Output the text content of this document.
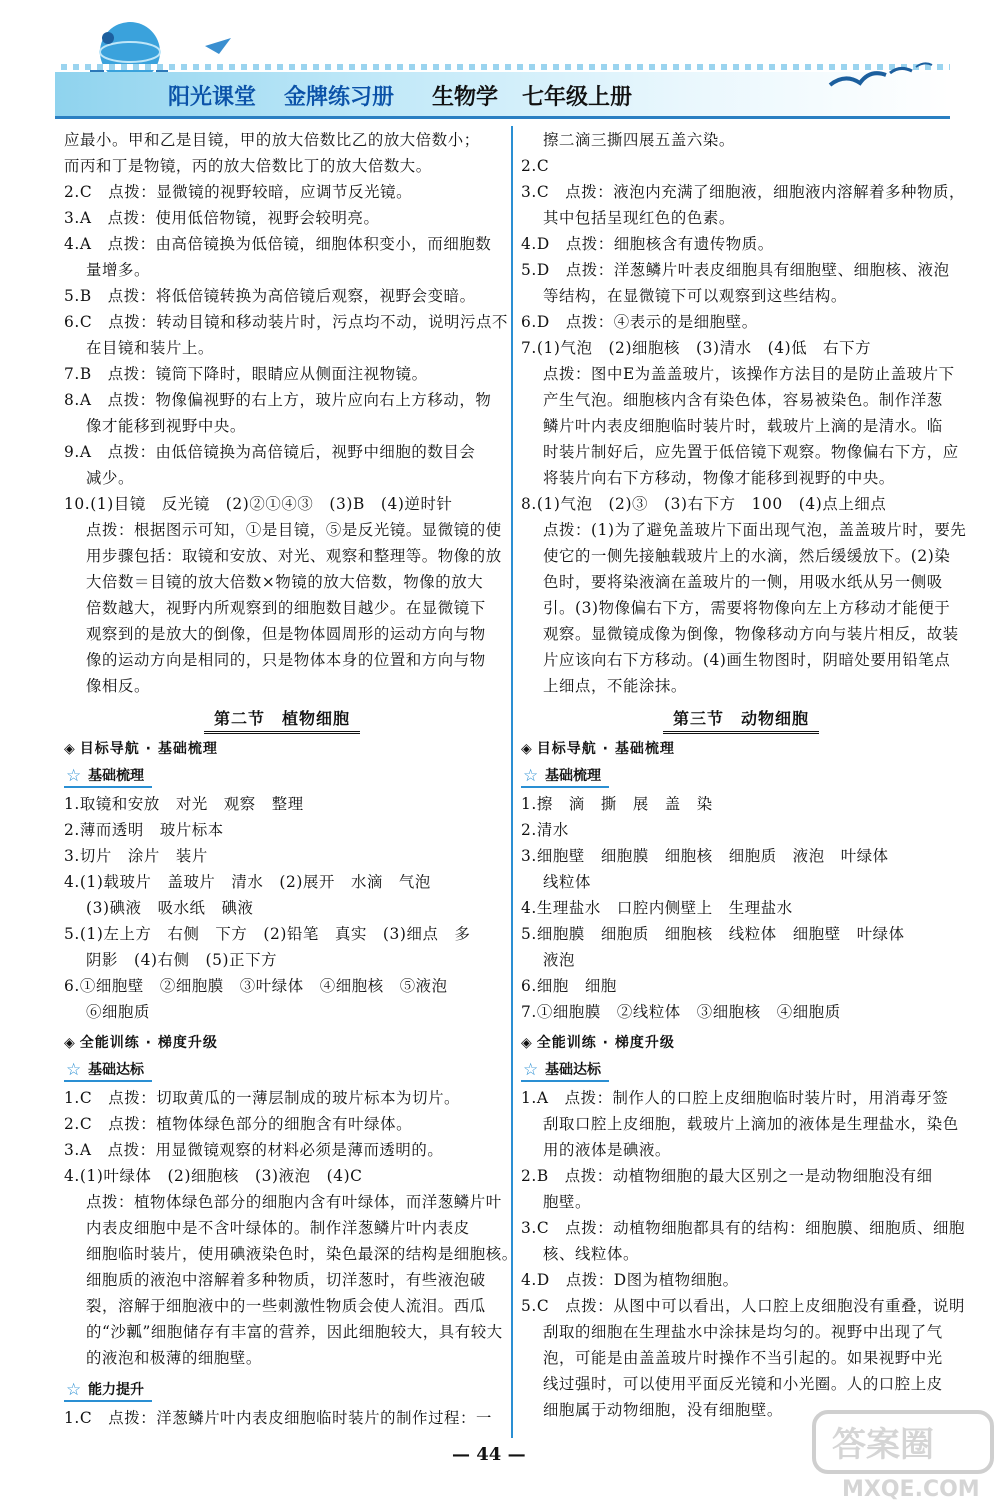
阳光课堂 金牌练习册 生物学 七年级上册
应最小。甲和乙是目镜，甲的放大倍数比乙的放大倍数小；
而丙和丁是物镜，丙的放大倍数比丁的放大倍数大。
2.C　点拨：显微镜的视野较暗，应调节反光镜。
3.A　点拨：使用低倍物镜，视野会较明亮。
4.A　点拨：由高倍镜换为低倍镜，细胞体积变小，而细胞数
量增多。
5.B　点拨：将低倍镜转换为高倍镜后观察，视野会变暗。
6.C　点拨：转动目镜和移动装片时，污点均不动，说明污点不
在目镜和装片上。
7.B　点拨：镜筒下降时，眼睛应从侧面注视物镜。
8.A　点拨：物像偏视野的右上方，玻片应向右上方移动，物
像才能移到视野中央。
9.A　点拨：由低倍镜换为高倍镜后，视野中细胞的数目会
减少。
10.(1)目镜　反光镜　(2)②①④③　(3)B　(4)逆时针
点拨：根据图示可知，①是目镜，⑤是反光镜。显微镜的使
用步骤包括：取镜和安放、对光、观察和整理等。物像的放
大倍数＝目镜的放大倍数×物镜的放大倍数，物像的放大
倍数越大，视野内所观察到的细胞数目越少。在显微镜下
观察到的是放大的倒像，但是物体圆周形的运动方向与物
像的运动方向是相同的，只是物体本身的位置和方向与物
像相反。
第二节　植物细胞
◈ 目标导航 · 基础梳理
☆ 基础梳理
1.取镜和安放　对光　观察　整理
2.薄而透明　玻片标本
3.切片　涂片　装片
4.(1)载玻片　盖玻片　清水　(2)展开　水滴　气泡
(3)碘液　吸水纸　碘液
5.(1)左上方　右侧　下方　(2)铅笔　真实　(3)细点　多
阴影　(4)右侧　(5)正下方
6.①细胞壁　②细胞膜　③叶绿体　④细胞核　⑤液泡
⑥细胞质
◈ 全能训练 · 梯度升级
☆ 基础达标
1.C　点拨：切取黄瓜的一薄层制成的玻片标本为切片。
2.C　点拨：植物体绿色部分的细胞含有叶绿体。
3.A　点拨：用显微镜观察的材料必须是薄而透明的。
4.(1)叶绿体　(2)细胞核　(3)液泡　(4)C
点拨：植物体绿色部分的细胞内含有叶绿体，而洋葱鳞片叶
内表皮细胞中是不含叶绿体的。制作洋葱鳞片叶内表皮
细胞临时装片，使用碘液染色时，染色最深的结构是细胞核。
细胞质的液泡中溶解着多种物质，切洋葱时，有些液泡破
裂，溶解于细胞液中的一些刺激性物质会使人流泪。西瓜
的“沙瓤”细胞储存有丰富的营养，因此细胞较大，具有较大
的液泡和极薄的细胞壁。
☆ 能力提升
1.C　点拨：洋葱鳞片叶内表皮细胞临时装片的制作过程：一
擦二滴三撕四展五盖六染。
2.C
3.C　点拨：液泡内充满了细胞液，细胞液内溶解着多种物质，
其中包括呈现红色的色素。
4.D　点拨：细胞核含有遗传物质。
5.D　点拨：洋葱鳞片叶表皮细胞具有细胞壁、细胞核、液泡
等结构，在显微镜下可以观察到这些结构。
6.D　点拨：④表示的是细胞壁。
7.(1)气泡　(2)细胞核　(3)清水　(4)低　右下方
点拨：图中E为盖盖玻片，该操作方法目的是防止盖玻片下
产生气泡。细胞核内含有染色体，容易被染色。制作洋葱
鳞片叶内表皮细胞临时装片时，载玻片上滴的是清水。临
时装片制好后，应先置于低倍镜下观察。物像偏右下方，应
将装片向右下方移动，物像才能移到视野的中央。
8.(1)气泡　(2)③　(3)右下方　100　(4)点上细点
点拨：(1)为了避免盖玻片下面出现气泡，盖盖玻片时，要先
使它的一侧先接触载玻片上的水滴，然后缓缓放下。(2)染
色时，要将染液滴在盖玻片的一侧，用吸水纸从另一侧吸
引。(3)物像偏右下方，需要将物像向左上方移动才能便于
观察。显微镜成像为倒像，物像移动方向与装片相反，故装
片应该向右下方移动。(4)画生物图时，阴暗处要用铅笔点
上细点，不能涂抹。
第三节　动物细胞
◈ 目标导航 · 基础梳理
☆ 基础梳理
1.擦　滴　撕　展　盖　染
2.清水
3.细胞壁　细胞膜　细胞核　细胞质　液泡　叶绿体
线粒体
4.生理盐水　口腔内侧壁上　生理盐水
5.细胞膜　细胞质　细胞核　线粒体　细胞壁　叶绿体
液泡
6.细胞　细胞
7.①细胞膜　②线粒体　③细胞核　④细胞质
◈ 全能训练 · 梯度升级
☆ 基础达标
1.A　点拨：制作人的口腔上皮细胞临时装片时，用消毒牙签
刮取口腔上皮细胞，载玻片上滴加的液体是生理盐水，染色
用的液体是碘液。
2.B　点拨：动植物细胞的最大区别之一是动物细胞没有细
胞壁。
3.C　点拨：动植物细胞都具有的结构：细胞膜、细胞质、细胞
核、线粒体。
4.D　点拨：D图为植物细胞。
5.C　点拨：从图中可以看出，人口腔上皮细胞没有重叠，说明
刮取的细胞在生理盐水中涂抹是均匀的。视野中出现了气
泡，可能是由盖盖玻片时操作不当引起的。如果视野中光
线过强时，可以使用平面反光镜和小光圈。人的口腔上皮
细胞属于动物细胞，没有细胞壁。
— 44 —	答案圈
MXQE.COM
